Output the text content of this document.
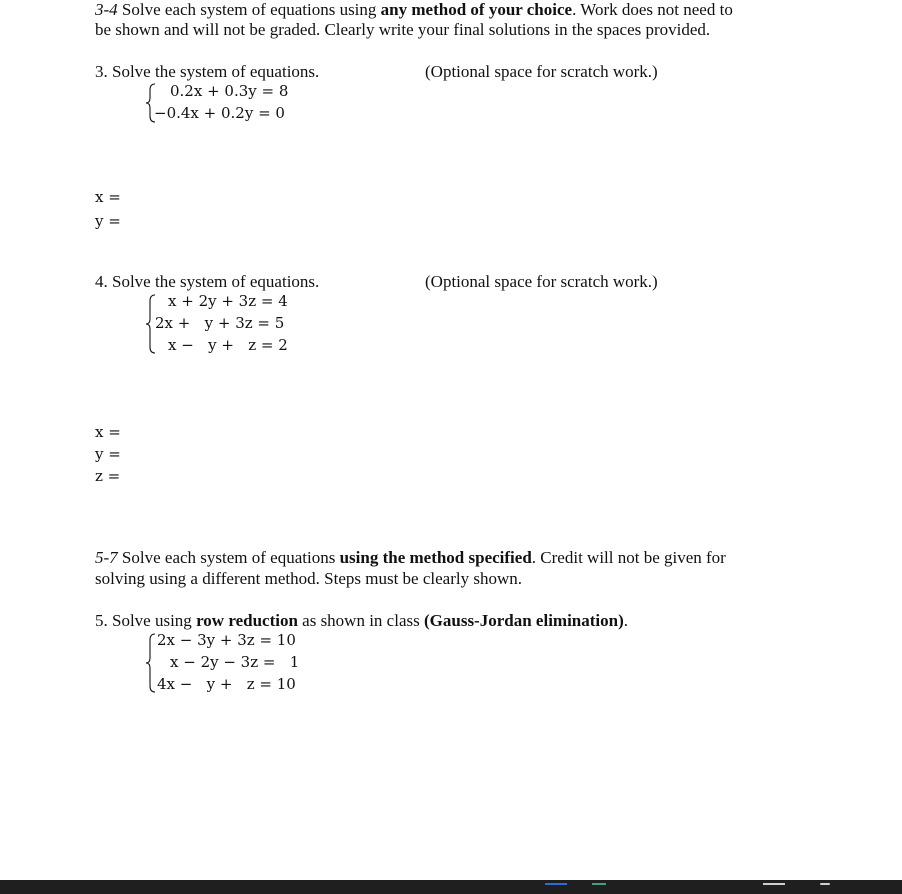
3-4 Solve each system of equations using any method of your choice. Work does not need to
be shown and will not be graded. Clearly write your final solutions in the spaces provided.
3. Solve the system of equations.	(Optional space for scratch work.)
0.2x + 0.3y = 8
−0.4x + 0.2y = 0
x =
y =
4. Solve the system of equations.	(Optional space for scratch work.)
x + 2y + 3z = 4
2x +   y + 3z = 5
x −   y +   z = 2
x =
y =
z =
5-7 Solve each system of equations using the method specified. Credit will not be given for
solving using a different method. Steps must be clearly shown.
5. Solve using row reduction as shown in class (Gauss-Jordan elimination).
2x − 3y + 3z = 10
x − 2y − 3z =   1
4x −   y +   z = 10
